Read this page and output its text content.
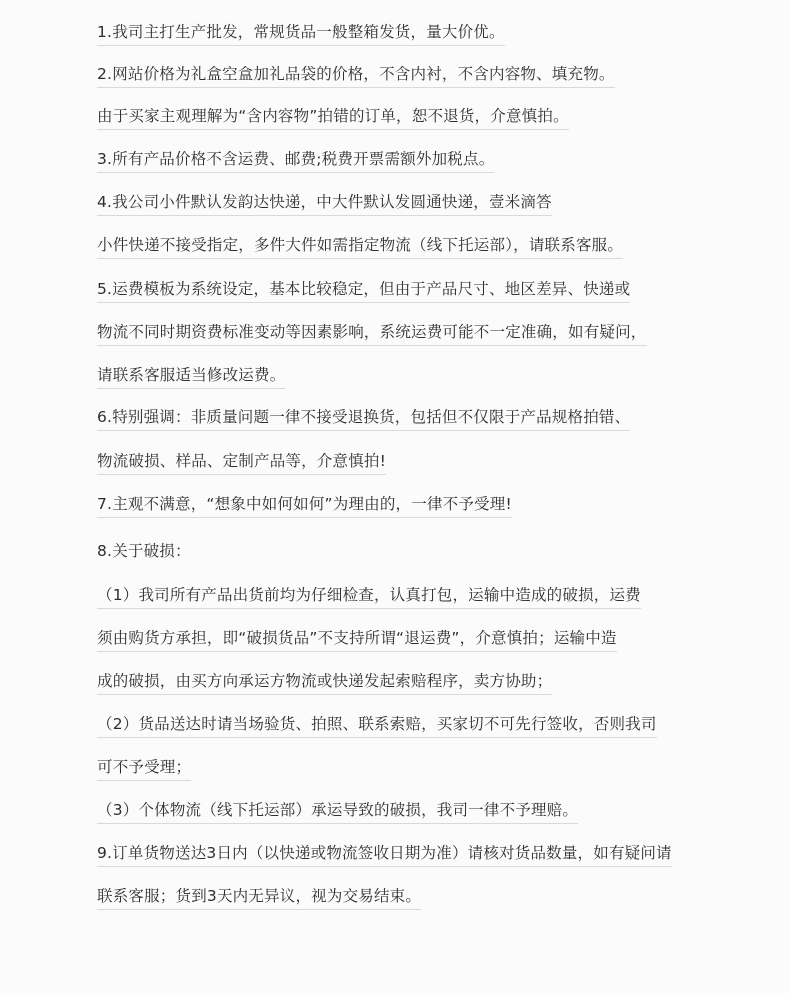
1.我司主打生产批发，常规货品一般整箱发货，量大价优。
2.网站价格为礼盒空盒加礼品袋的价格，不含内衬，不含内容物、填充物。
由于买家主观理解为“含内容物”拍错的订单，恕不退货，介意慎拍。
3.所有产品价格不含运费、邮费;税费开票需额外加税点。
4.我公司小件默认发韵达快递，中大件默认发圆通快递，壹米滴答
小件快递不接受指定，多件大件如需指定物流（线下托运部），请联系客服。
5.运费模板为系统设定，基本比较稳定，但由于产品尺寸、地区差异、快递或
物流不同时期资费标准变动等因素影响，系统运费可能不一定准确，如有疑问，
请联系客服适当修改运费。
6.特别强调：非质量问题一律不接受退换货，包括但不仅限于产品规格拍错、
物流破损、样品、定制产品等，介意慎拍!
7.主观不满意，“想象中如何如何”为理由的，一律不予受理!
8.关于破损：
（1）我司所有产品出货前均为仔细检查，认真打包，运输中造成的破损，运费
须由购货方承担，即“破损货品”不支持所谓“退运费”，介意慎拍；运输中造
成的破损，由买方向承运方物流或快递发起索赔程序，卖方协助；
（2）货品送达时请当场验货、拍照、联系索赔，买家切不可先行签收，否则我司
可不予受理；
（3）个体物流（线下托运部）承运导致的破损，我司一律不予理赔。
9.订单货物送达3日内（以快递或物流签收日期为准）请核对货品数量，如有疑问请
联系客服；货到3天内无异议，视为交易结束。
